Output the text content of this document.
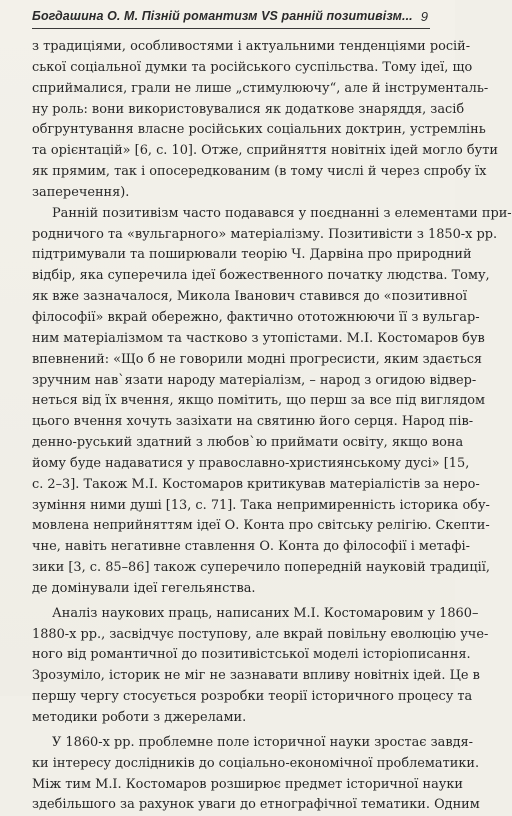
Богдашина О. М. Пізній романтизм VS ранній позитивізм... 9
з традиціями, особливостями і актуальними тенденціями росій-
ської соціальної думки та російського суспільства. Тому ідеї, що
сприймалися, грали не лише „стимулюючу“, але й інструменталь-
ну роль: вони використовувалися як додаткове знаряддя, засіб
обгрунтування власне російських соціальних доктрин, устремлінь
та орієнтацій» [6, с. 10]. Отже, сприйняття новітніх ідей могло бути
як прямим, так і опосередкованим (в тому числі й через спробу їх
заперечення).
Ранній позитивізм часто подавався у поєднанні з елементами при-
родничого та «вульгарного» матеріалізму. Позитивісти з 1850-х рр.
підтримували та поширювали теорію Ч. Дарвіна про природний
відбір, яка суперечила ідеї божественного початку людства. Тому,
як вже зазначалося, Микола Іванович ставився до «позитивної
філософії» вкрай обережно, фактично ототожнюючи її з вульгар-
ним матеріалізмом та частково з утопістами. М.І. Костомаров був
впевнений: «Що б не говорили модні прогресисти, яким здається
зручним нав`язати народу матеріалізм, – народ з огидою відвер-
неться від їх вчення, якщо помітить, що перш за все під виглядом
цього вчення хочуть зазіхати на святиню його серця. Народ пів-
денно-руський здатний з любов`ю приймати освіту, якщо вона
йому буде надаватися у православно-християнському дусі» [15,
с. 2–3]. Також М.І. Костомаров критикував матеріалістів за неро-
зуміння ними душі [13, с. 71]. Така непримиренність історика обу-
мовлена неприйняттям ідеї О. Конта про світську релігію. Скепти-
чне, навіть негативне ставлення О. Конта до філософії і метафі-
зики [3, с. 85–86] також суперечило попередній науковій традиції,
де домінували ідеї гегельянства.
Аналіз наукових праць, написаних М.І. Костомаровим у 1860–
1880-х рр., засвідчує поступову, але вкрай повільну еволюцію уче-
ного від романтичної до позитивістської моделі історіописання.
Зрозуміло, історик не міг не зазнавати впливу новітніх ідей. Це в
першу чергу стосується розробки теорії історичного процесу та
методики роботи з джерелами.
У 1860-х рр. проблемне поле історичної науки зростає завдя-
ки інтересу дослідників до соціально-економічної проблематики.
Між тим М.І. Костомаров розширює предмет історичної науки
здебільшого за рахунок уваги до етнографічної тематики. Одним
